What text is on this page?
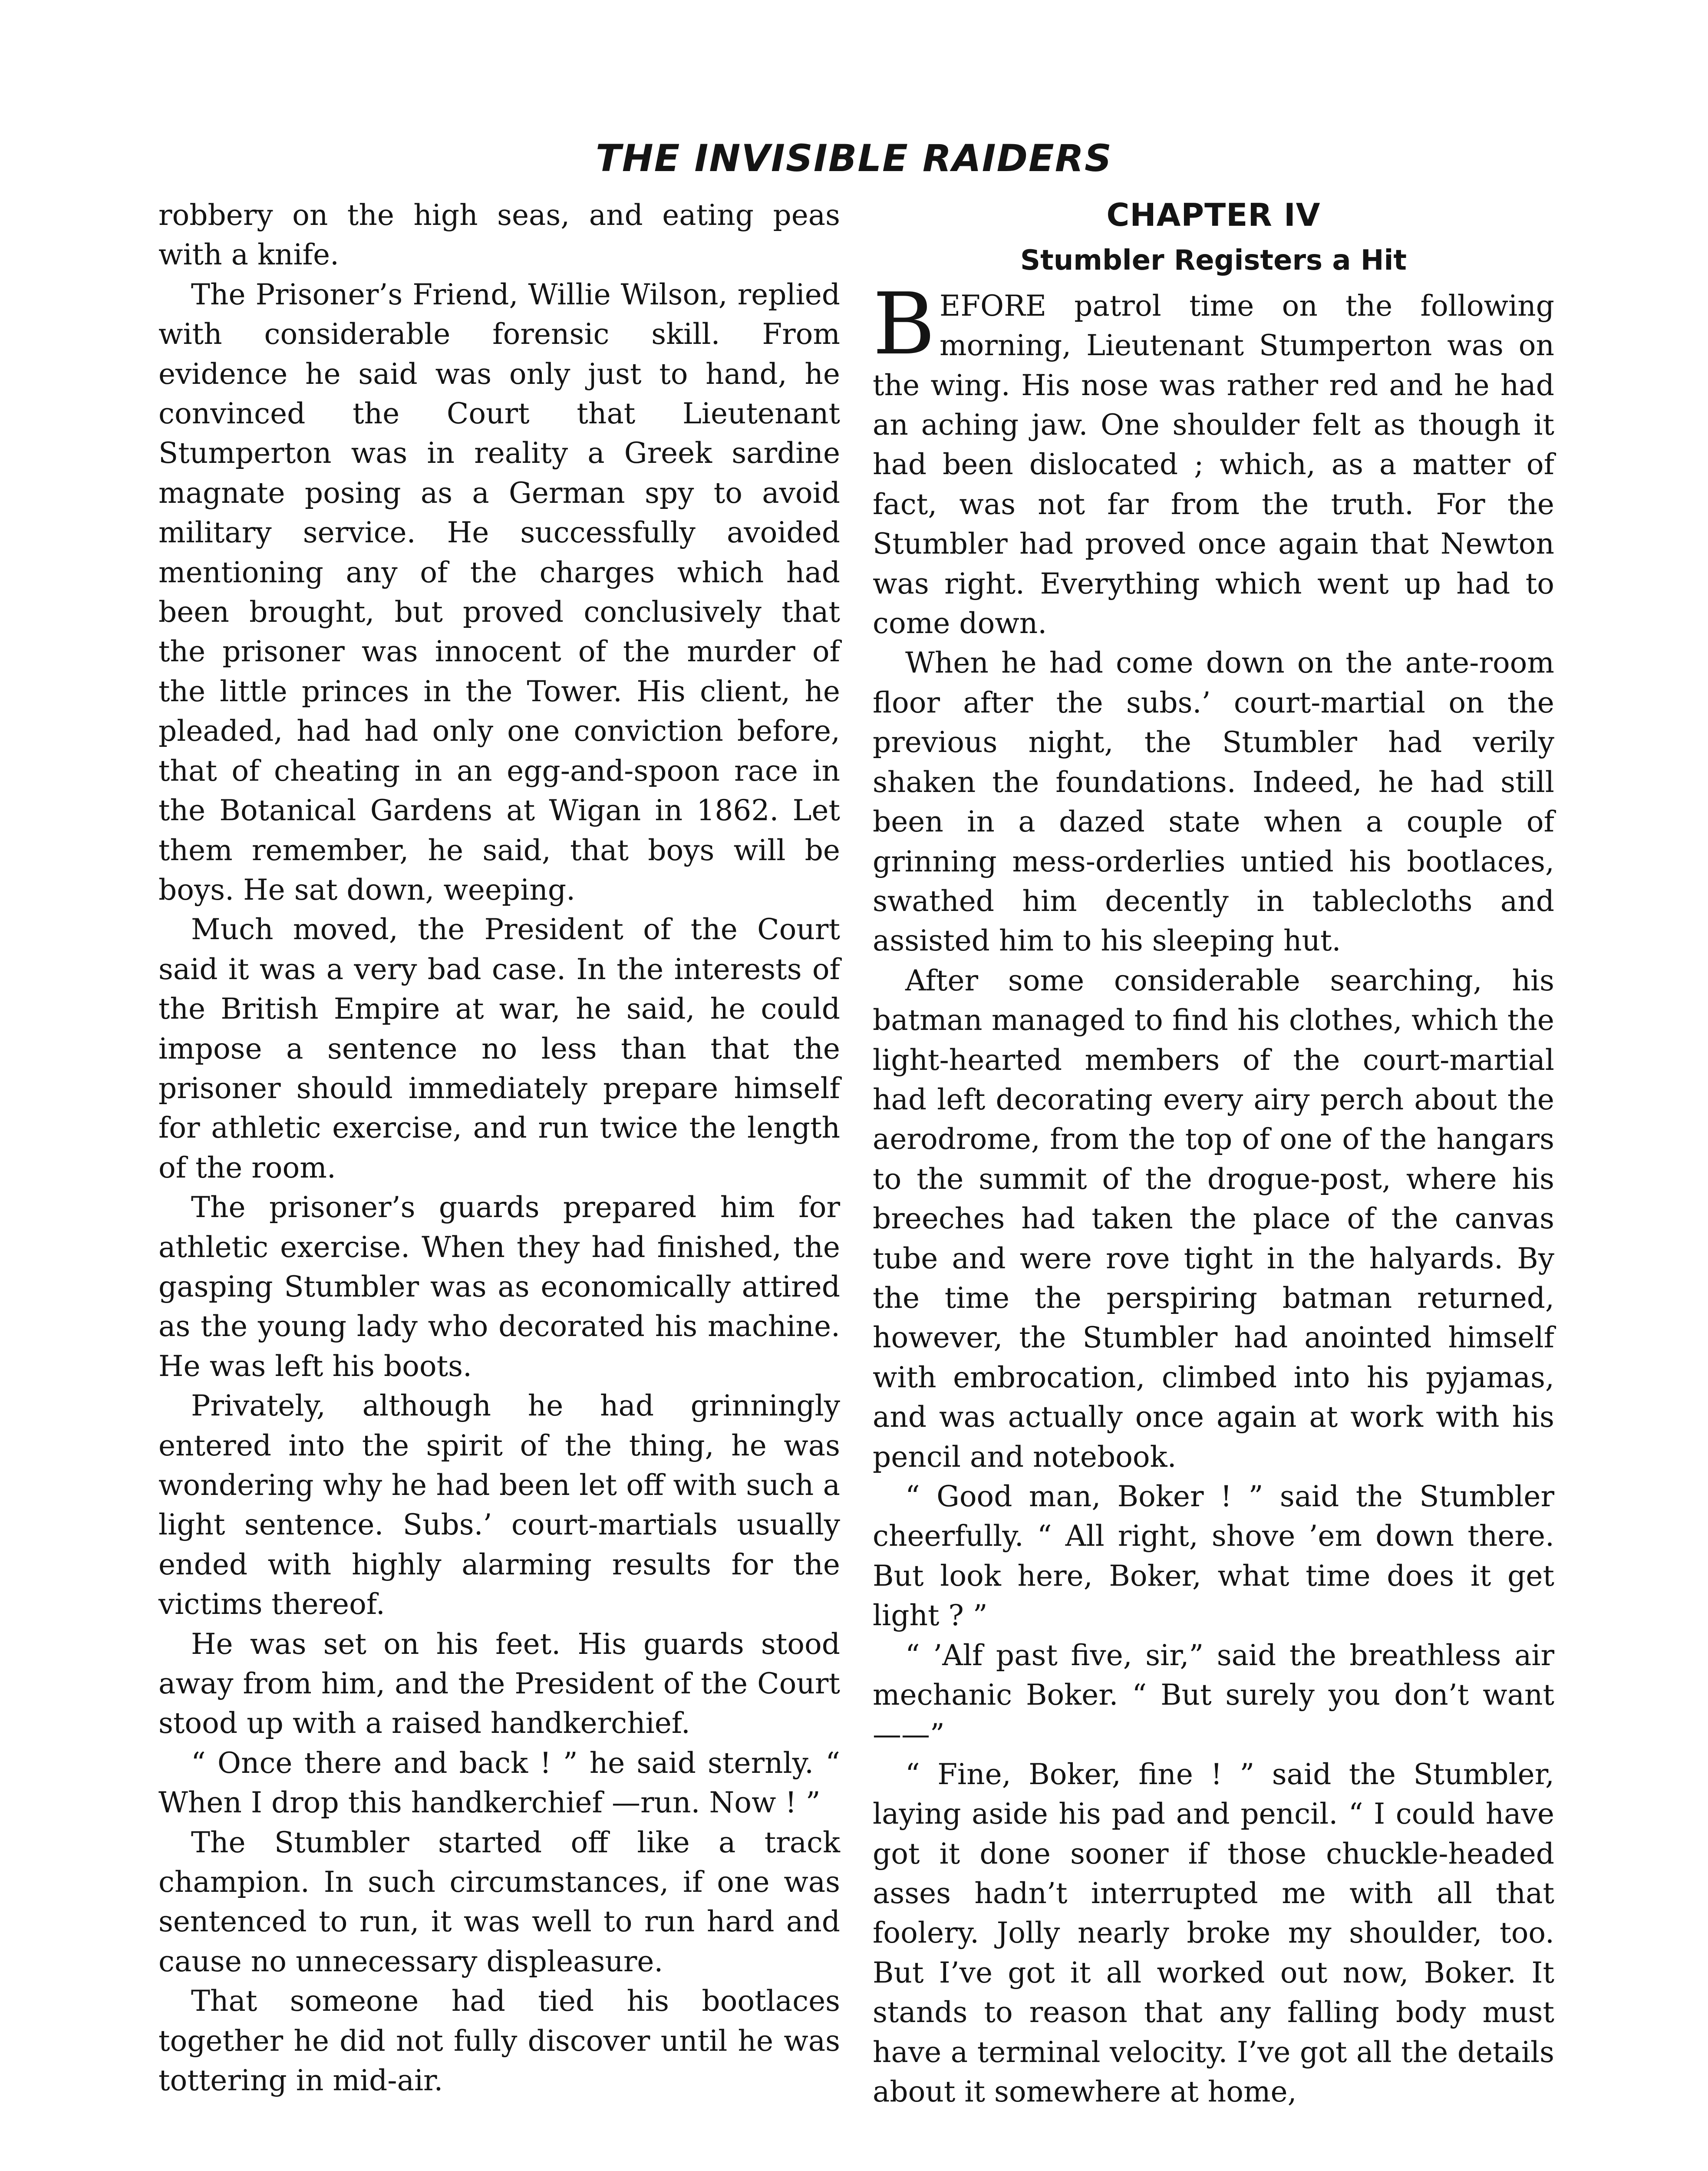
THE INVISIBLE RAIDERS

robbery on the high seas, and eating peas with a knife.

The Prisoner’s Friend, Willie Wilson, replied with considerable forensic skill. From evidence he said was only just to hand, he convinced the Court that Lieutenant Stumperton was in reality a Greek sardine magnate posing as a German spy to avoid military service. He successfully avoided mentioning any of the charges which had been brought, but proved conclusively that the prisoner was innocent of the murder of the little princes in the Tower. His client, he pleaded, had had only one conviction before, that of cheating in an egg-and-spoon race in the Botanical Gardens at Wigan in 1862. Let them remember, he said, that boys will be boys. He sat down, weeping.

Much moved, the President of the Court said it was a very bad case. In the interests of the British Empire at war, he said, he could impose a sentence no less than that the prisoner should immediately prepare himself for athletic exercise, and run twice the length of the room.

The prisoner’s guards prepared him for athletic exercise. When they had finished, the gasping Stumbler was as economically attired as the young lady who decorated his machine. He was left his boots.

Privately, although he had grinningly entered into the spirit of the thing, he was wondering why he had been let off with such a light sentence. Subs.’ court-martials usually ended with highly alarming results for the victims thereof.

He was set on his feet. His guards stood away from him, and the President of the Court stood up with a raised handkerchief.

“ Once there and back ! ” he said sternly. “ When I drop this handkerchief —run. Now ! ”

The Stumbler started off like a track champion. In such circumstances, if one was sentenced to run, it was well to run hard and cause no unnecessary displeasure.

That someone had tied his bootlaces together he did not fully discover until he was tottering in mid-air.

CHAPTER IV
Stumbler Registers a Hit

BEFORE patrol time on the following morning, Lieutenant Stumperton was on the wing. His nose was rather red and he had an aching jaw. One shoulder felt as though it had been dislocated ; which, as a matter of fact, was not far from the truth. For the Stumbler had proved once again that Newton was right. Everything which went up had to come down.

When he had come down on the ante-room floor after the subs.’ court-martial on the previous night, the Stumbler had verily shaken the foundations. Indeed, he had still been in a dazed state when a couple of grinning mess-orderlies untied his bootlaces, swathed him decently in tablecloths and assisted him to his sleeping hut.

After some considerable searching, his batman managed to find his clothes, which the light-hearted members of the court-martial had left decorating every airy perch about the aerodrome, from the top of one of the hangars to the summit of the drogue-post, where his breeches had taken the place of the canvas tube and were rove tight in the halyards. By the time the perspiring batman returned, however, the Stumbler had anointed himself with embrocation, climbed into his pyjamas, and was actually once again at work with his pencil and notebook.

“ Good man, Boker ! ” said the Stumbler cheerfully. “ All right, shove ’em down there. But look here, Boker, what time does it get light ? ”

“ ’Alf past five, sir,” said the breathless air mechanic Boker. “ But surely you don’t want——”

“ Fine, Boker, fine ! ” said the Stumbler, laying aside his pad and pencil. “ I could have got it done sooner if those chuckle-headed asses hadn’t interrupted me with all that foolery. Jolly nearly broke my shoulder, too. But I’ve got it all worked out now, Boker. It stands to reason that any falling body must have a terminal velocity. I’ve got all the details about it somewhere at home,
